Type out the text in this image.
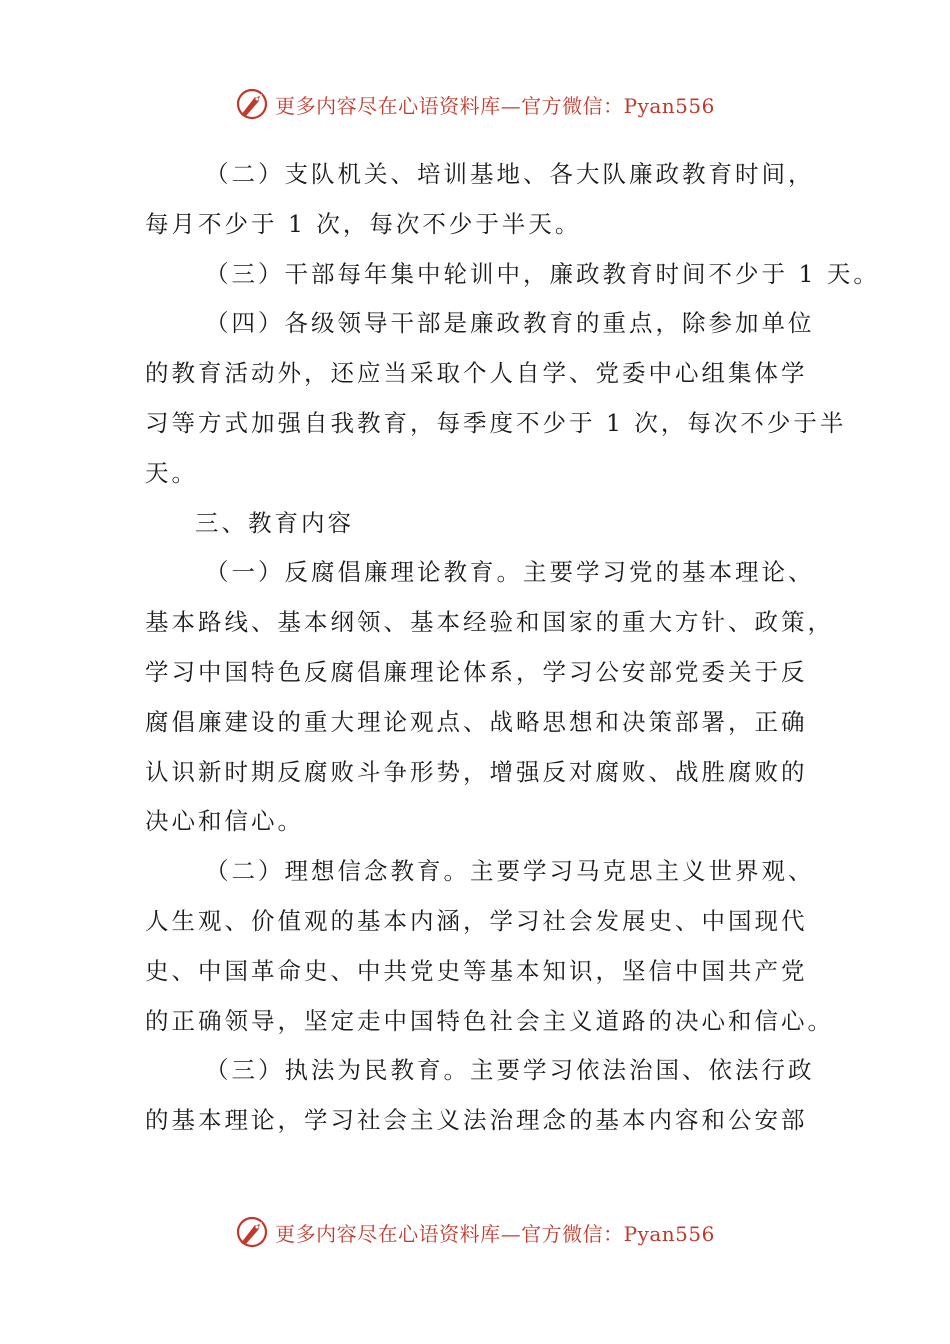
更多内容尽在心语资料库—官方微信：Pyan556
（二）支队机关、培训基地、各大队廉政教育时间，
每月不少于 1 次，每次不少于半天。
（三）干部每年集中轮训中，廉政教育时间不少于 1 天。
（四）各级领导干部是廉政教育的重点，除参加单位
的教育活动外，还应当采取个人自学、党委中心组集体学
习等方式加强自我教育，每季度不少于 1 次，每次不少于半
天。
三、教育内容
（一）反腐倡廉理论教育。主要学习党的基本理论、
基本路线、基本纲领、基本经验和国家的重大方针、政策，
学习中国特色反腐倡廉理论体系，学习公安部党委关于反
腐倡廉建设的重大理论观点、战略思想和决策部署，正确
认识新时期反腐败斗争形势，增强反对腐败、战胜腐败的
决心和信心。
（二）理想信念教育。主要学习马克思主义世界观、
人生观、价值观的基本内涵，学习社会发展史、中国现代
史、中国革命史、中共党史等基本知识，坚信中国共产党
的正确领导，坚定走中国特色社会主义道路的决心和信心。
（三）执法为民教育。主要学习依法治国、依法行政
的基本理论，学习社会主义法治理念的基本内容和公安部
更多内容尽在心语资料库—官方微信：Pyan556
